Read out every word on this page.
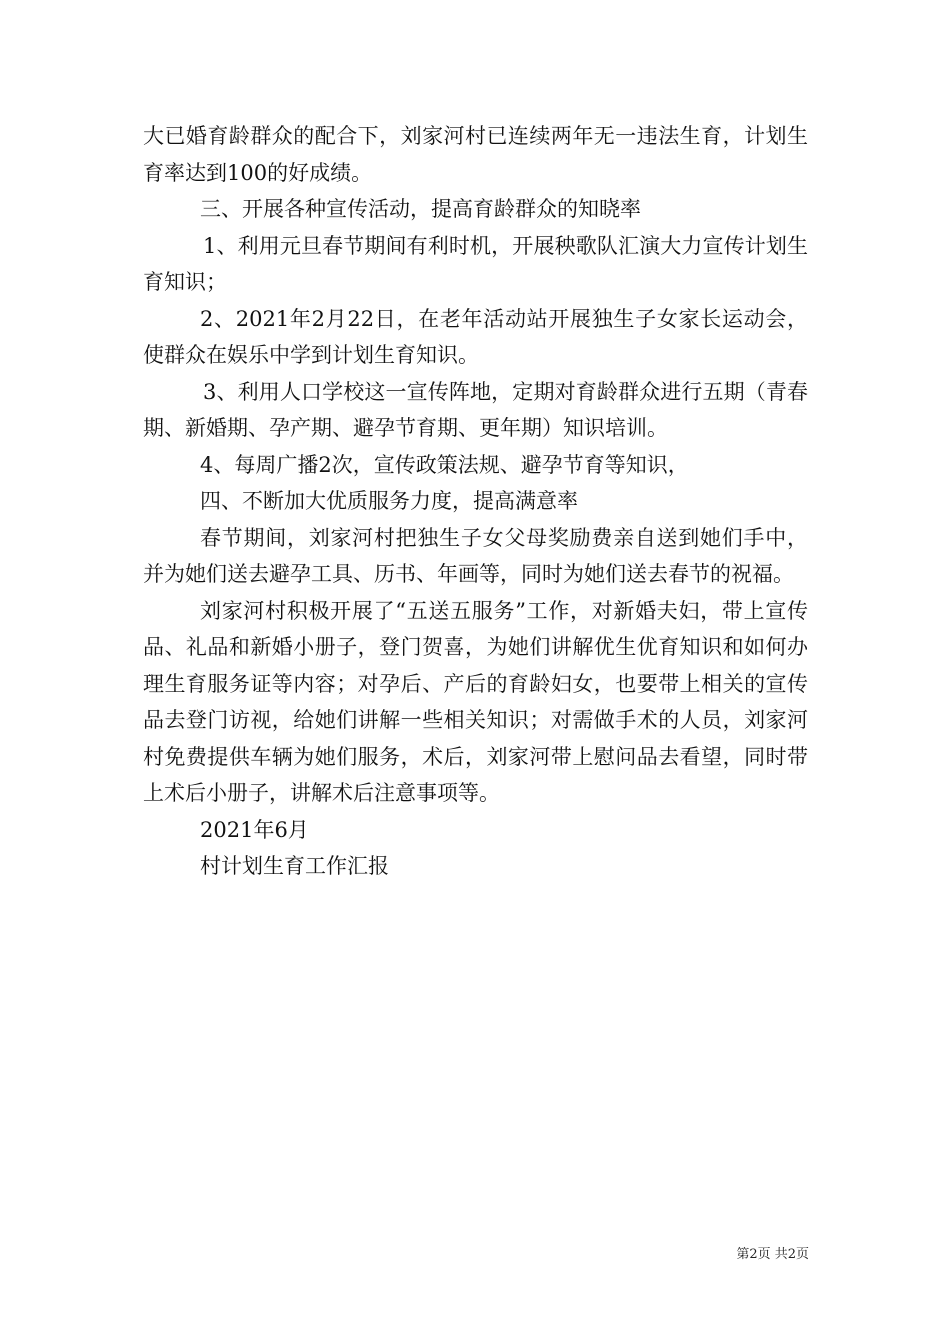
大已婚育龄群众的配合下，刘家河村已连续两年无一违法生育，计划生育率达到100的好成绩。

三、开展各种宣传活动，提高育龄群众的知晓率

1、利用元旦春节期间有利时机，开展秧歌队汇演大力宣传计划生育知识；

2、2021年2月22日，在老年活动站开展独生子女家长运动会，使群众在娱乐中学到计划生育知识。

3、利用人口学校这一宣传阵地，定期对育龄群众进行五期（青春期、新婚期、孕产期、避孕节育期、更年期）知识培训。

4、每周广播2次，宣传政策法规、避孕节育等知识，

四、不断加大优质服务力度，提高满意率

春节期间，刘家河村把独生子女父母奖励费亲自送到她们手中，并为她们送去避孕工具、历书、年画等，同时为她们送去春节的祝福。

刘家河村积极开展了“五送五服务”工作，对新婚夫妇，带上宣传品、礼品和新婚小册子，登门贺喜，为她们讲解优生优育知识和如何办理生育服务证等内容；对孕后、产后的育龄妇女，也要带上相关的宣传品去登门访视，给她们讲解一些相关知识；对需做手术的人员，刘家河村免费提供车辆为她们服务，术后，刘家河带上慰问品去看望，同时带上术后小册子，讲解术后注意事项等。

2021年6月

村计划生育工作汇报

第2页 共2页
